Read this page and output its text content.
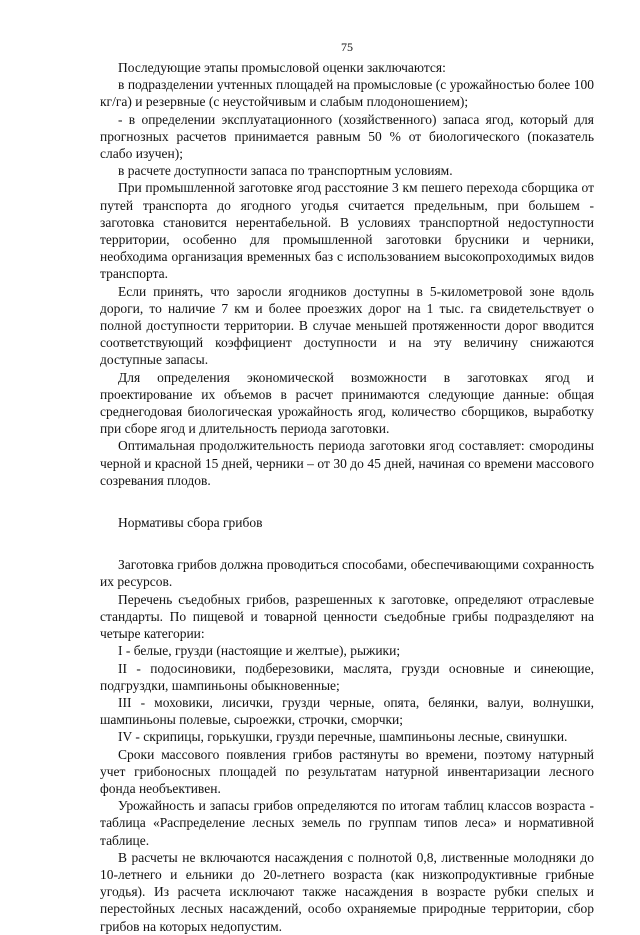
75

Последующие этапы промысловой оценки заключаются:

в подразделении учтенных площадей на промысловые (с урожайностью более 100 кг/га) и резервные (с неустойчивым и слабым плодоношением);

- в определении эксплуатационного (хозяйственного) запаса ягод, который для прогнозных расчетов принимается равным 50 % от биологического (показатель слабо изучен);

в расчете доступности запаса по транспортным условиям.

При промышленной заготовке ягод расстояние 3 км пешего перехода сборщика от путей транспорта до ягодного угодья считается предельным, при большем - заготовка становится нерентабельной. В условиях транспортной недоступности территории, особенно для промышленной заготовки брусники и черники, необходима организация временных баз с использованием высокопроходимых видов транспорта.

Если принять, что заросли ягодников доступны в 5-километровой зоне вдоль дороги, то наличие 7 км и более проезжих дорог на 1 тыс. га свидетельствует о полной доступности территории. В случае меньшей протяженности дорог вводится соответствующий коэффициент доступности и на эту величину снижаются доступные запасы.

Для определения экономической возможности в заготовках ягод и проектирование их объемов в расчет принимаются следующие данные: общая среднегодовая биологическая урожайность ягод, количество сборщиков, выработку при сборе ягод и длительность периода заготовки.

Оптимальная продолжительность периода заготовки ягод составляет: смородины черной и красной 15 дней, черники – от 30 до 45 дней, начиная со времени массового созревания плодов.

Нормативы сбора грибов

Заготовка грибов должна проводиться способами, обеспечивающими сохранность их ресурсов.

Перечень съедобных грибов, разрешенных к заготовке, определяют отраслевые стандарты. По пищевой и товарной ценности съедобные грибы подразделяют на четыре категории:

I - белые, грузди (настоящие и желтые), рыжики;

II - подосиновики, подберезовики, маслята, грузди основные и синеющие, подгруздки, шампиньоны обыкновенные;

III - моховики, лисички, грузди черные, опята, белянки, валуи, волнушки, шампиньоны полевые, сыроежки, строчки, сморчки;

IV - скрипицы, горькушки, грузди перечные, шампиньоны лесные, свинушки.

Сроки массового появления грибов растянуты во времени, поэтому натурный учет грибоносных площадей по результатам натурной инвентаризации лесного фонда необъективен.

Урожайность и запасы грибов определяются по итогам таблиц классов возраста - таблица «Распределение лесных земель по группам типов леса» и нормативной таблице.

В расчеты не включаются насаждения с полнотой 0,8, лиственные молодняки до 10-летнего и ельники до 20-летнего возраста (как низкопродуктивные грибные угодья). Из расчета исключают также насаждения в возрасте рубки спелых и перестойных лесных насаждений, особо охраняемые природные территории, сбор грибов на которых недопустим.
